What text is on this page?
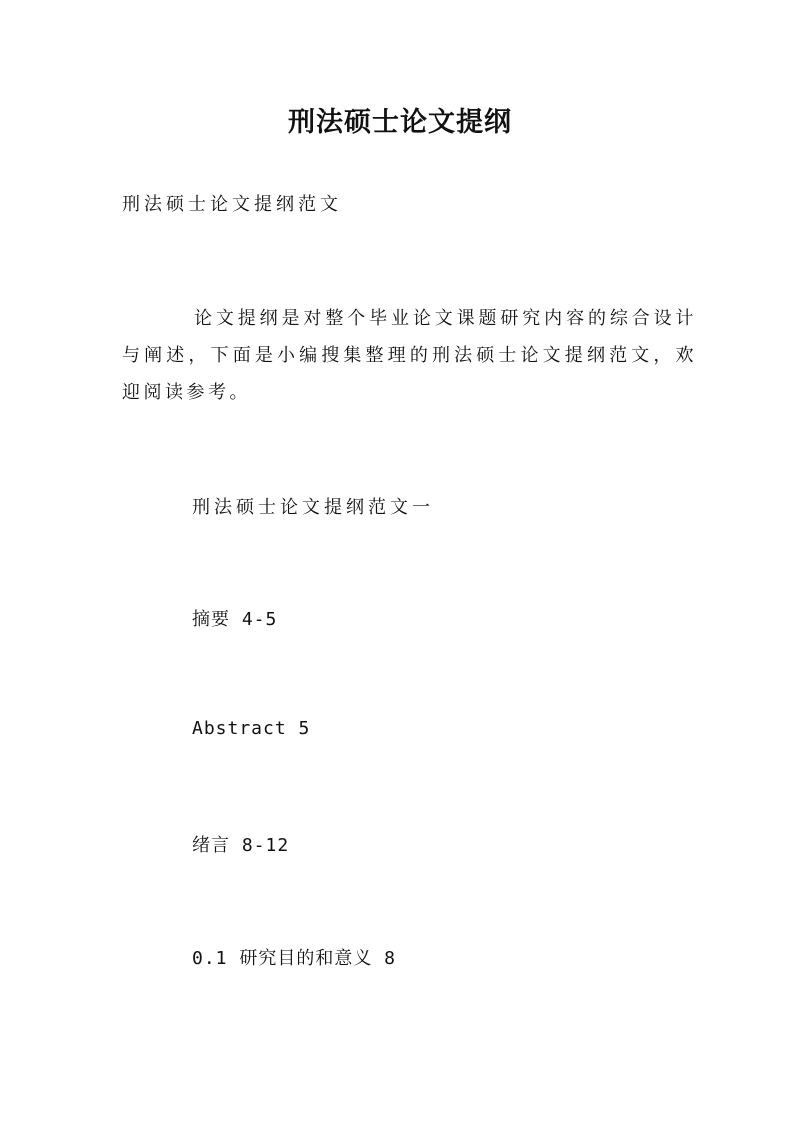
刑法硕士论文提纲

刑法硕士论文提纲范文

论文提纲是对整个毕业论文课题研究内容的综合设计与阐述，下面是小编搜集整理的刑法硕士论文提纲范文，欢迎阅读参考。

刑法硕士论文提纲范文一

摘要 4-5

Abstract 5

绪言 8-12

0.1 研究目的和意义 8
